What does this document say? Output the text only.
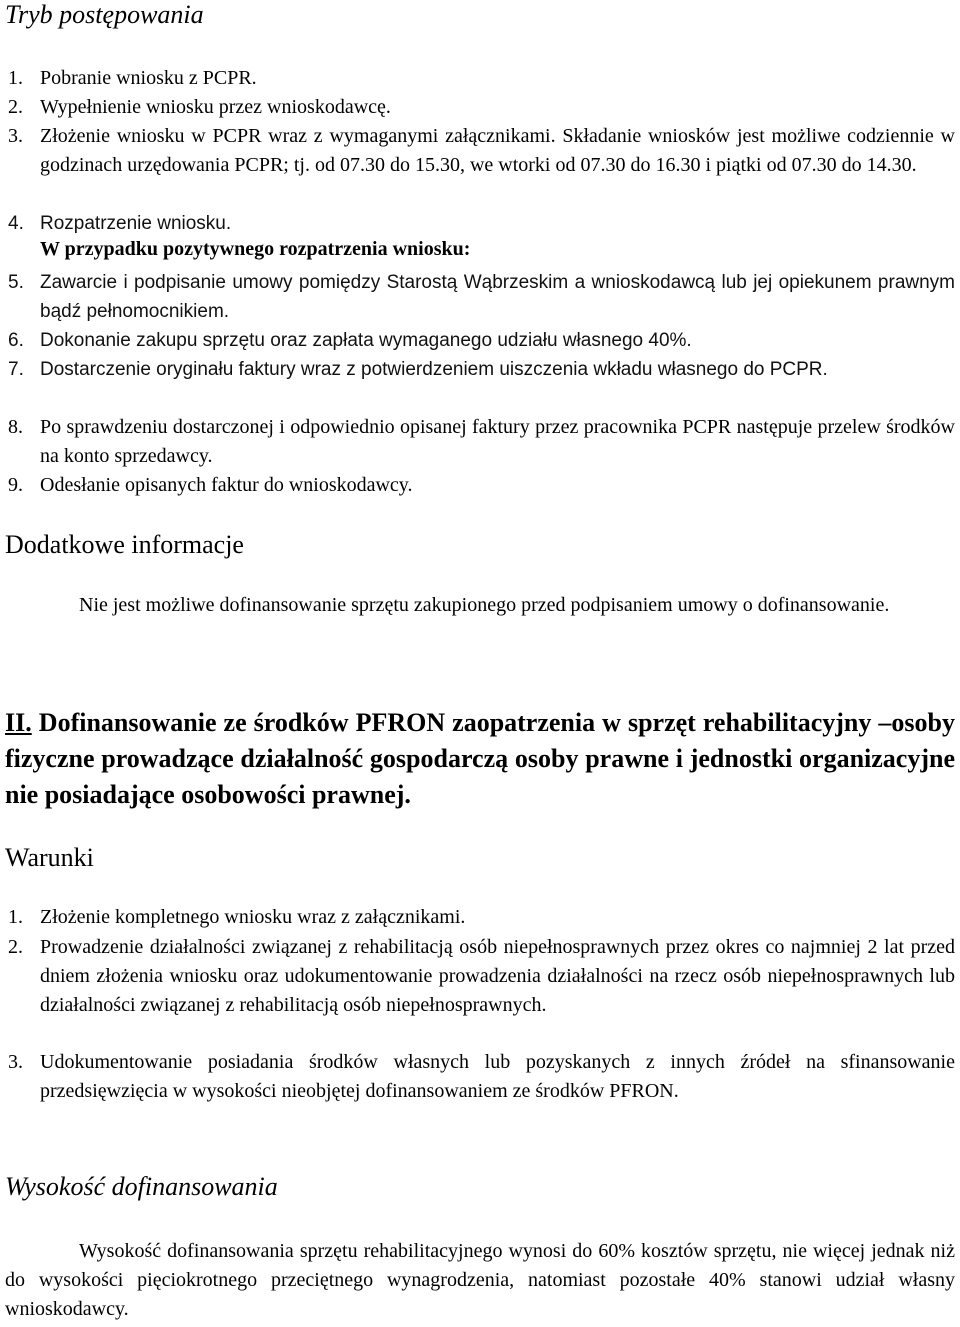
Tryb postępowania
1. Pobranie wniosku z PCPR.
2. Wypełnienie wniosku przez wnioskodawcę.
3. Złożenie wniosku w PCPR wraz z wymaganymi załącznikami. Składanie wniosków jest możliwe codziennie w godzinach urzędowania PCPR; tj. od 07.30 do 15.30, we wtorki od 07.30 do 16.30 i piątki od 07.30 do 14.30.
4. Rozpatrzenie wniosku.

W przypadku pozytywnego rozpatrzenia wniosku:

5. Zawarcie i podpisanie umowy pomiędzy Starostą Wąbrzeskim a wnioskodawcą lub jej opiekunem prawnym bądź pełnomocnikiem.
6. Dokonanie zakupu sprzętu oraz zapłata wymaganego udziału własnego 40%.
7. Dostarczenie oryginału faktury wraz z potwierdzeniem uiszczenia wkładu własnego do PCPR.
8. Po sprawdzeniu dostarczonej i odpowiednio opisanej faktury przez pracownika PCPR następuje przelew środków na konto sprzedawcy.
9. Odesłanie opisanych faktur do wnioskodawcy.
Dodatkowe informacje

Nie jest możliwe dofinansowanie sprzętu zakupionego przed podpisaniem umowy o dofinansowanie.

II. Dofinansowanie ze środków PFRON zaopatrzenia w sprzęt rehabilitacyjny –osoby fizyczne prowadzące działalność gospodarczą osoby prawne i jednostki organizacyjne nie posiadające osobowości prawnej.
Warunki
1. Złożenie kompletnego wniosku wraz z załącznikami.
2. Prowadzenie działalności związanej z rehabilitacją osób niepełnosprawnych przez okres co najmniej 2 lat przed dniem złożenia wniosku oraz udokumentowanie prowadzenia działalności na rzecz osób niepełnosprawnych lub działalności związanej z rehabilitacją osób niepełnosprawnych.
3. Udokumentowanie posiadania środków własnych lub pozyskanych z innych źródeł na sfinansowanie przedsięwzięcia w wysokości nieobjętej dofinansowaniem ze środków PFRON.
Wysokość dofinansowania

Wysokość dofinansowania sprzętu rehabilitacyjnego wynosi do 60% kosztów sprzętu, nie więcej jednak niż do wysokości pięciokrotnego przeciętnego wynagrodzenia, natomiast pozostałe 40% stanowi udział własny wnioskodawcy.
